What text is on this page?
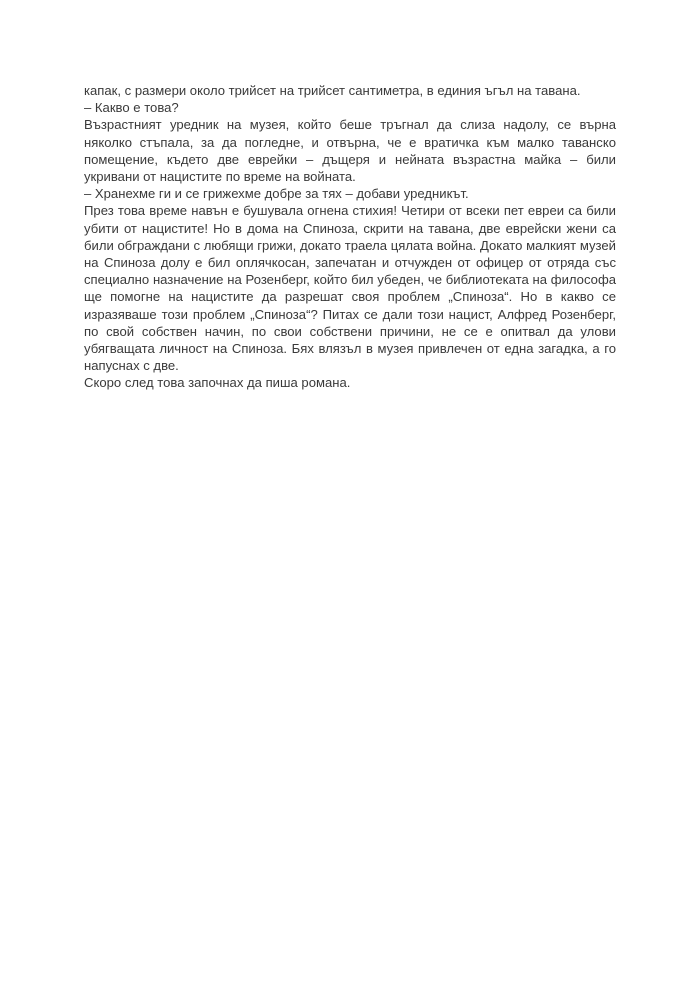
капак, с размери около трийсет на трийсет сантиметра, в единия ъгъл на тавана.

– Какво е това?

Възрастният уредник на музея, който беше тръгнал да слиза надолу, се върна няколко стъпала, за да погледне, и отвърна, че е вратичка към малко таванско помещение, където две еврейки – дъщеря и нейната възрастна майка – били укривани от нацистите по време на войната.

– Хранехме ги и се грижехме добре за тях – добави уредникът.

През това време навън е бушувала огнена стихия! Четири от всеки пет евреи са били убити от нацистите! Но в дома на Спиноза, скрити на тавана, две еврейски жени са били обграждани с любящи грижи, докато траела цялата война. Докато малкият музей на Спиноза долу е бил оплячкосан, запечатан и отчужден от офицер от отряда със специално назначение на Розенберг, който бил убеден, че библиотеката на философа ще помогне на нацистите да разрешат своя проблем „Спиноза“. Но в какво се изразяваше този проблем „Спиноза“? Питах се дали този нацист, Алфред Розенберг, по свой собствен начин, по свои собствени причини, не се е опитвал да улови убягващата личност на Спиноза. Бях влязъл в музея привлечен от една загадка, а го напуснах с две.

Скоро след това започнах да пиша романа.
